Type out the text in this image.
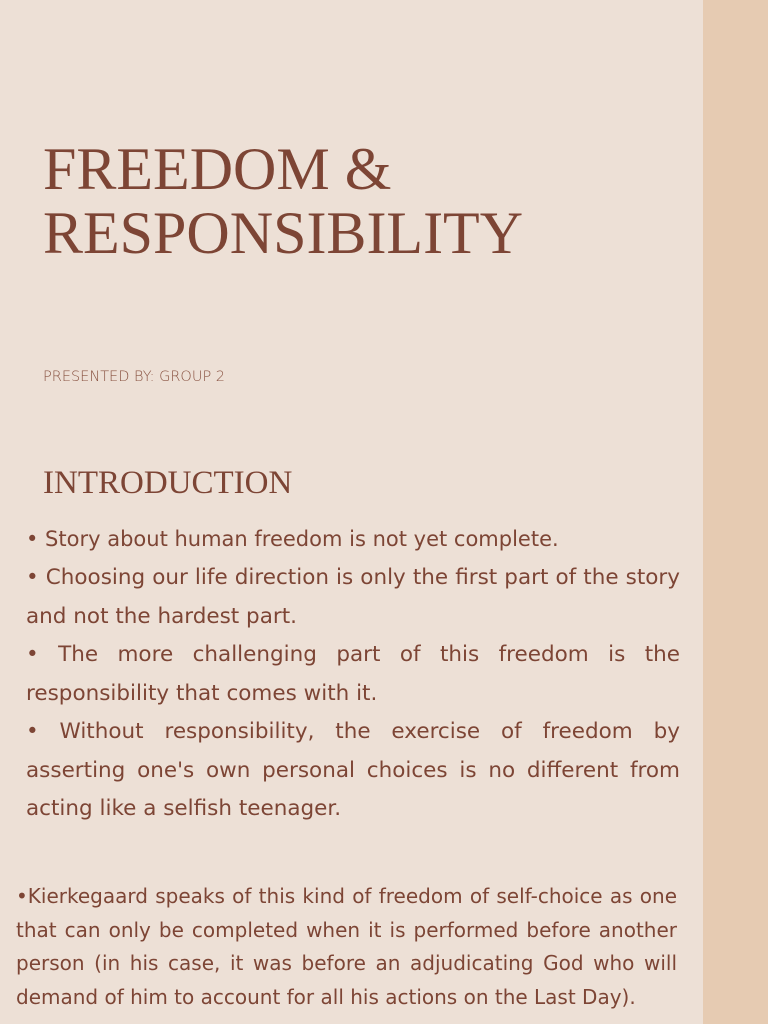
FREEDOM &
RESPONSIBILITY

PRESENTED BY: GROUP 2

INTRODUCTION
• Story about human freedom is not yet complete.
• Choosing our life direction is only the first part of the story and not the hardest part.
• The more challenging part of this freedom is the responsibility that comes with it.
• Without responsibility, the exercise of freedom by asserting one's own personal choices is no different from acting like a selfish teenager.

•Kierkegaard speaks of this kind of freedom of self-choice as one that can only be completed when it is performed before another person (in his case, it was before an adjudicating God who will demand of him to account for all his actions on the Last Day).
